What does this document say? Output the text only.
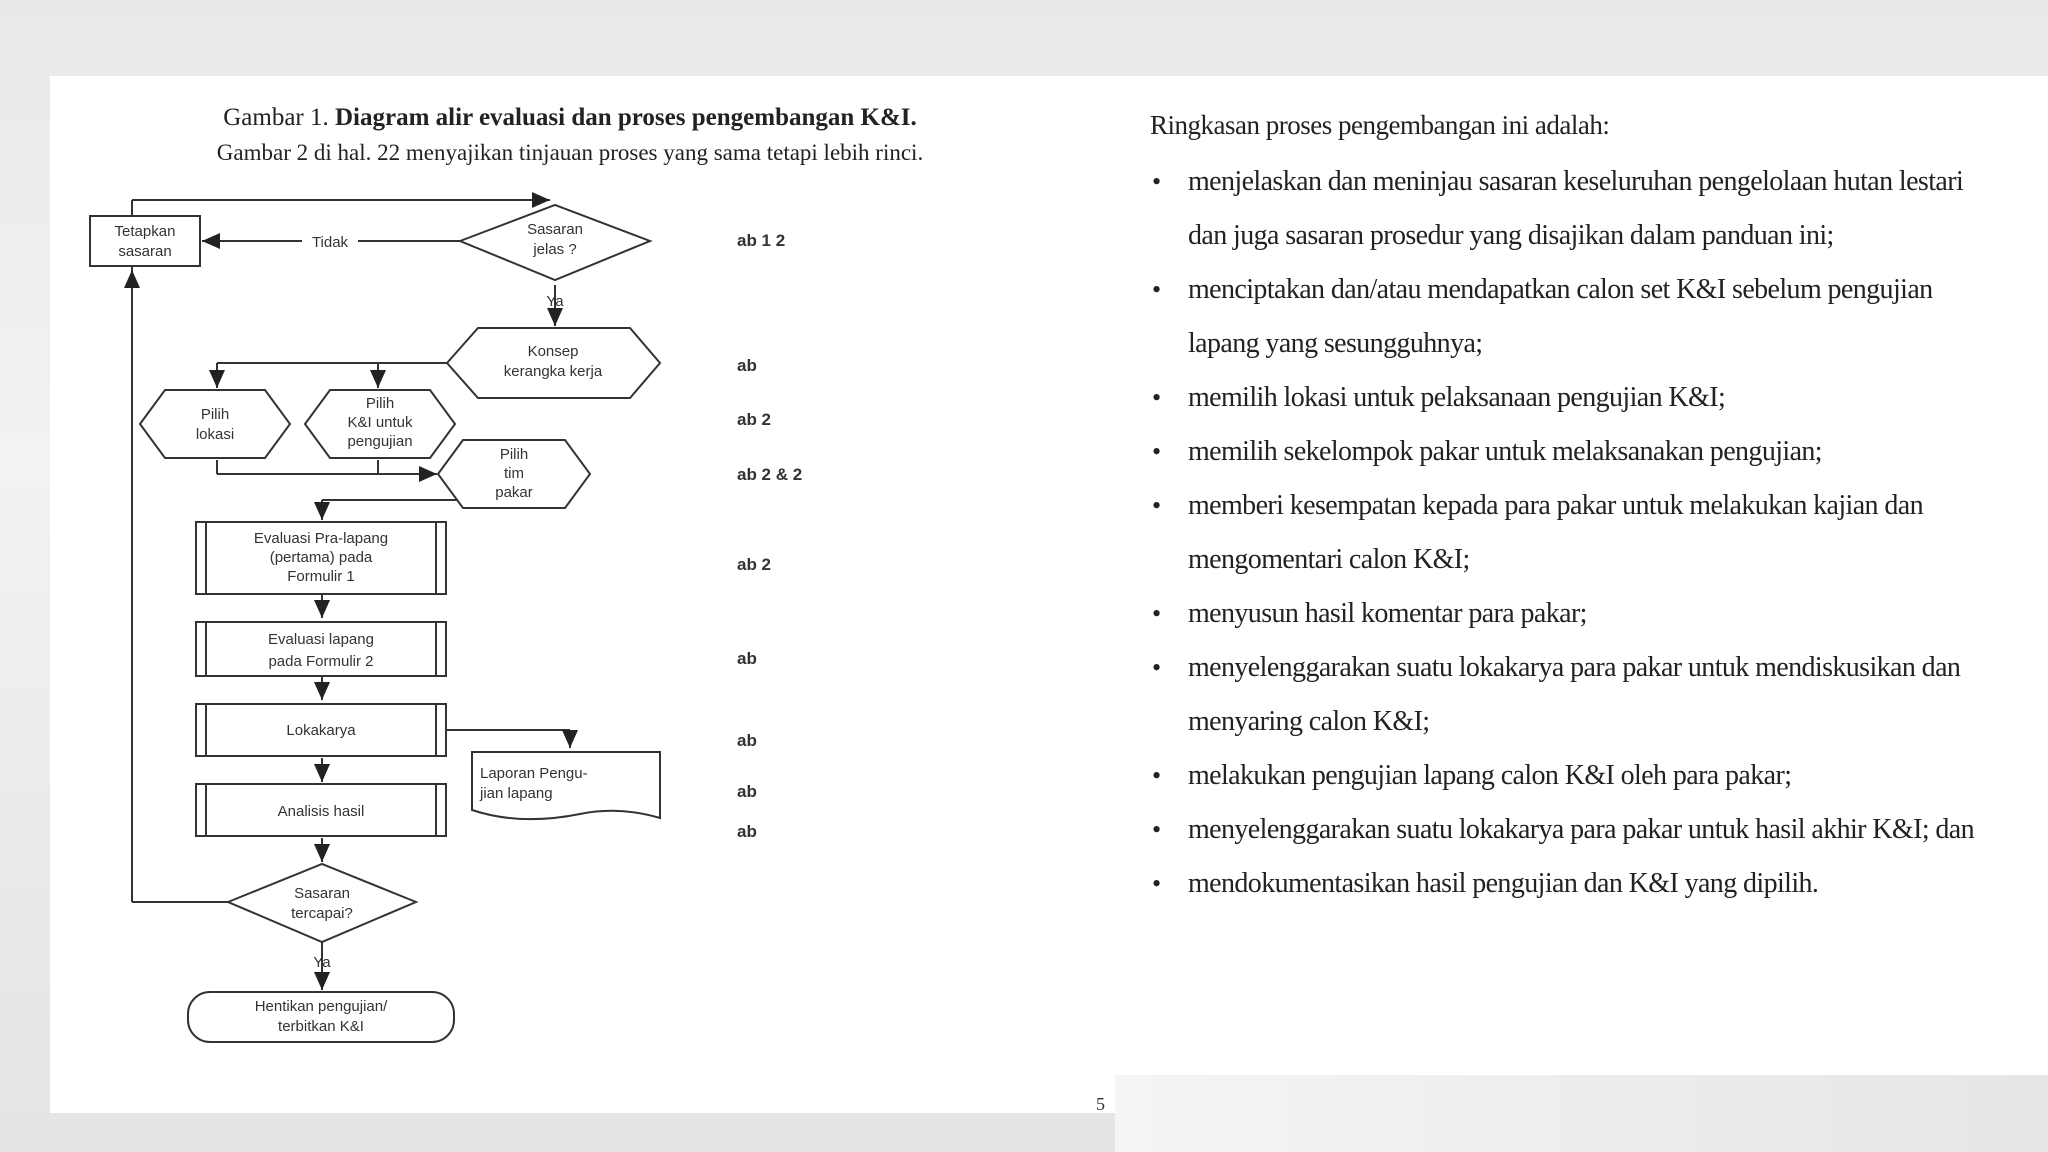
Gambar 1. Diagram alir evaluasi dan proses pengembangan K&I.
Gambar 2 di hal. 22 menyajikan tinjauan proses yang sama tetapi lebih rinci.
Tetapkan
sasaran
Tidak
Sasaran
jelas ?
Ya
Konsep
kerangka kerja
Pilih
lokasi
Pilih
K&I untuk
pengujian
Pilih
tim
pakar
Evaluasi Pra-lapang
(pertama) pada
Formulir 1
Evaluasi lapang
pada Formulir 2
Lokakarya
Laporan Pengu-
jian lapang
Analisis hasil
Sasaran
tercapai?
Ya
Hentikan pengujian/
terbitkan K&I
ab 1 2
ab
ab 2
ab 2 & 2
ab 2
ab
ab
ab
ab

Ringkasan proses pengembangan ini adalah:

• menjelaskan dan meninjau sasaran keseluruhan pengelolaan hutan lestari dan juga sasaran prosedur yang disajikan dalam panduan ini;
• menciptakan dan/atau mendapatkan calon set K&I sebelum pengujian lapang yang sesungguhnya;
• memilih lokasi untuk pelaksanaan pengujian K&I;
• memilih sekelompok pakar untuk melaksanakan pengujian;
• memberi kesempatan kepada para pakar untuk melakukan kajian dan mengomentari calon K&I;
• menyusun hasil komentar para pakar;
• menyelenggarakan suatu lokakarya para pakar untuk mendiskusikan dan menyaring calon K&I;
• melakukan pengujian lapang calon K&I oleh para pakar;
• menyelenggarakan suatu lokakarya para pakar untuk hasil akhir K&I; dan
• mendokumentasikan hasil pengujian dan K&I yang dipilih.
5
